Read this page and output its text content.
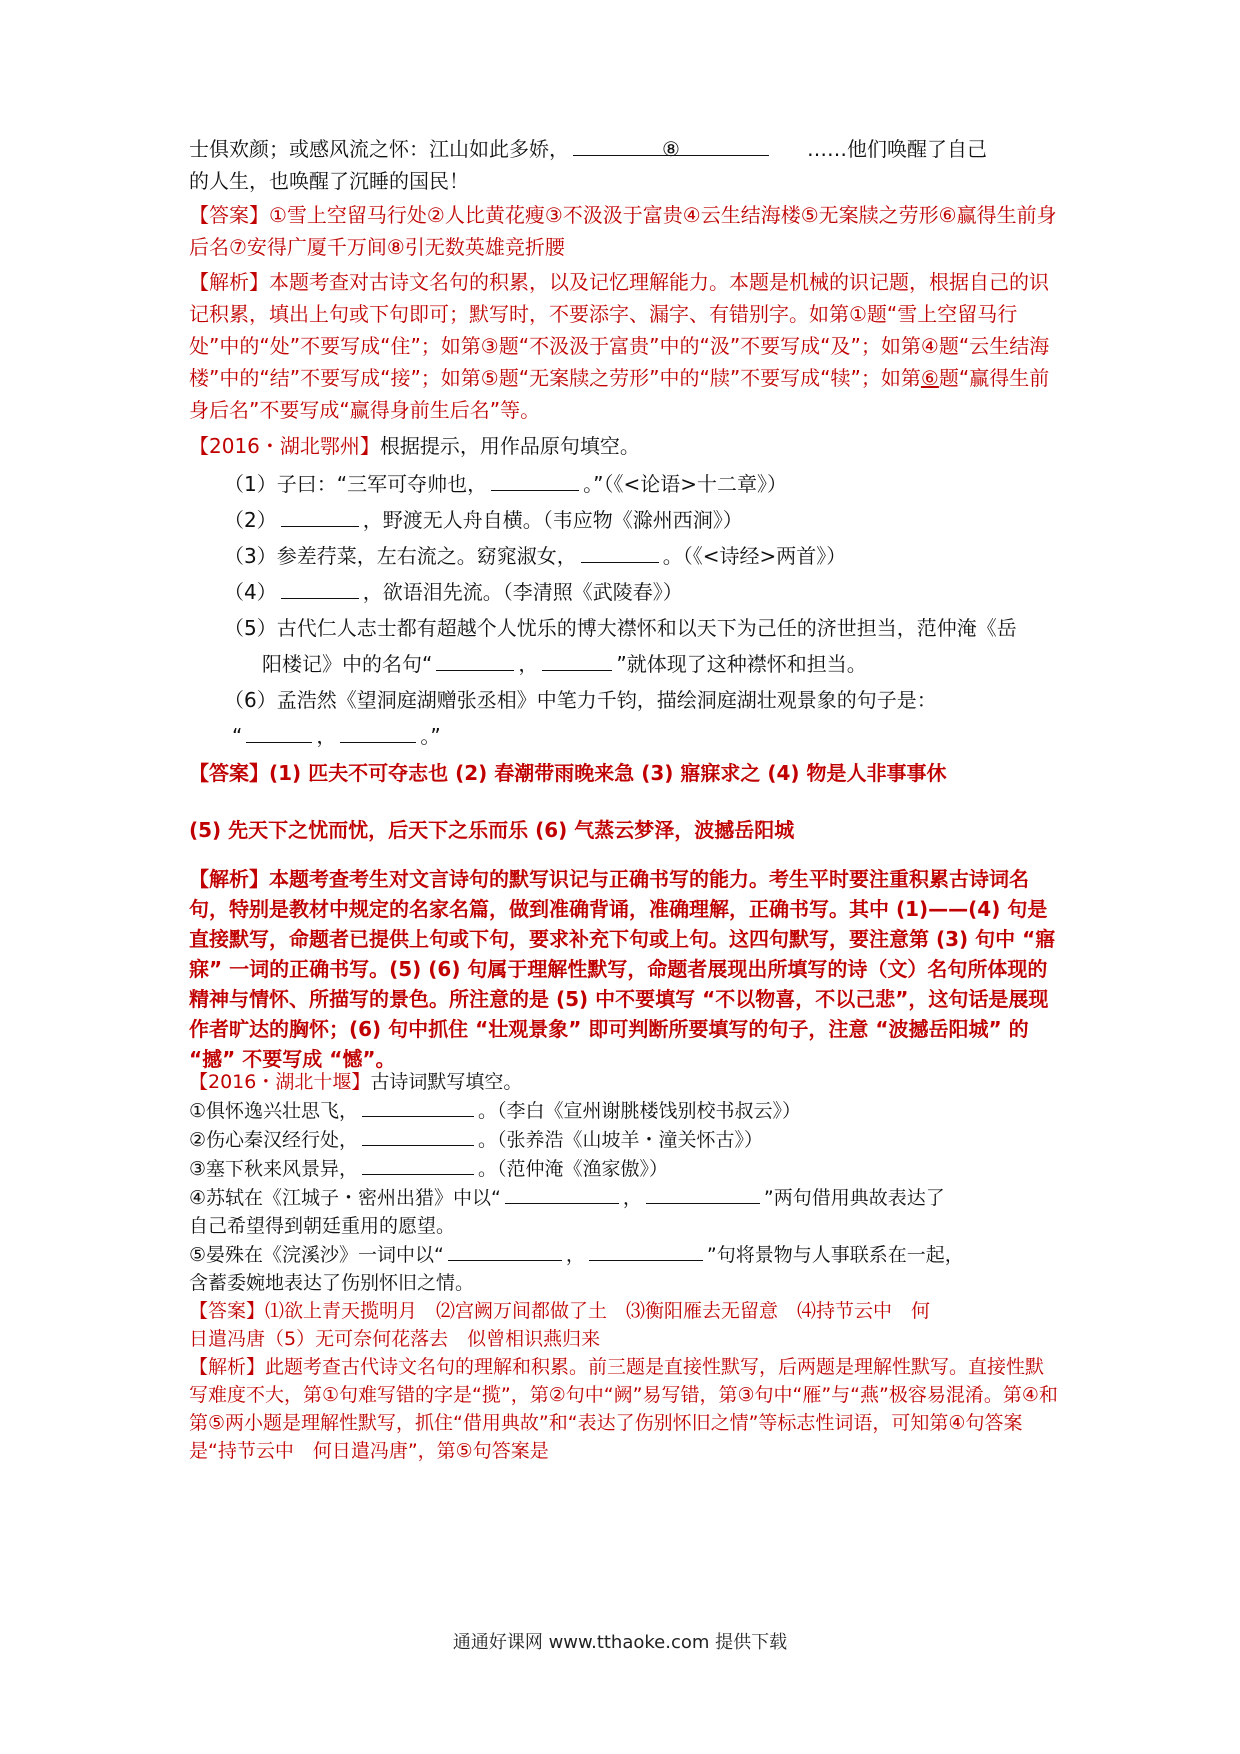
士俱欢颜；或感风流之怀：江山如此多娇，	⑧	……他们唤醒了自己

的人生，也唤醒了沉睡的国民！

【答案】①雪上空留马行处②人比黄花瘦③不汲汲于富贵④云生结海楼⑤无案牍之劳形⑥赢得生前身后名⑦安得广厦千万间⑧引无数英雄竞折腰

【解析】本题考查对古诗文名句的积累，以及记忆理解能力。本题是机械的识记题，根据自己的识记积累，填出上句或下句即可；默写时，不要添字、漏字、有错别字。如第①题“雪上空留马行处”中的“处”不要写成“住”；如第③题“不汲汲于富贵”中的“汲”不要写成“及”；如第④题“云生结海楼”中的“结”不要写成“接”；如第⑤题“无案牍之劳形”中的“牍”不要写成“犊”；如第⑥题“赢得生前身后名”不要写成“赢得身前生后名”等。

【2016・湖北鄂州】根据提示，用作品原句填空。

（1）子曰：“三军可夺帅也，	。”（《<论语>十二章》）

（2）	，野渡无人舟自横。（韦应物《滁州西涧》）

（3）参差荇菜，左右流之。窈窕淑女，	。（《<诗经>两首》）

（4）	，欲语泪先流。（李清照《武陵春》）

（5）古代仁人志士都有超越个人忧乐的博大襟怀和以天下为己任的济世担当，范仲淹《岳

阳楼记》中的名句“	，	”就体现了这种襟怀和担当。

（6）孟浩然《望洞庭湖赠张丞相》中笔力千钧，描绘洞庭湖壮观景象的句子是：

“	，	。”

【答案】(1) 匹夫不可夺志也 (2) 春潮带雨晚来急 (3) 寤寐求之 (4) 物是人非事事休

(5) 先天下之忧而忧，后天下之乐而乐 (6) 气蒸云梦泽，波撼岳阳城

【解析】本题考查考生对文言诗句的默写识记与正确书写的能力。考生平时要注重积累古诗词名句，特别是教材中规定的名家名篇，做到准确背诵，准确理解，正确书写。其中 (1)——(4) 句是直接默写，命题者已提供上句或下句，要求补充下句或上句。这四句默写，要注意第 (3) 句中 “寤寐” 一词的正确书写。(5) (6) 句属于理解性默写，命题者展现出所填写的诗（文）名句所体现的精神与情怀、所描写的景色。所注意的是 (5) 中不要填写 “不以物喜，不以己悲”，这句话是展现作者旷达的胸怀；(6) 句中抓住 “壮观景象” 即可判断所要填写的句子，注意 “波撼岳阳城” 的 “撼” 不要写成 “憾”。

【2016・湖北十堰】古诗词默写填空。

①俱怀逸兴壮思飞，	。（李白《宣州谢朓楼饯别校书叔云》）

②伤心秦汉经行处，	。（张养浩《山坡羊・潼关怀古》）

③塞下秋来风景异，	。（范仲淹《渔家傲》）

④苏轼在《江城子・密州出猎》中以“	，	”两句借用典故表达了

自己希望得到朝廷重用的愿望。

⑤晏殊在《浣溪沙》一词中以“	，	”句将景物与人事联系在一起，

含蓄委婉地表达了伤别怀旧之情。

【答案】⑴欲上青天揽明月　⑵宫阙万间都做了土　⑶衡阳雁去无留意　⑷持节云中　何

日遣冯唐（5）无可奈何花落去　似曾相识燕归来

【解析】此题考查古代诗文名句的理解和积累。前三题是直接性默写，后两题是理解性默写。直接性默写难度不大，第①句难写错的字是“揽”，第②句中“阙”易写错，第③句中“雁”与“燕”极容易混淆。第④和第⑤两小题是理解性默写，抓住“借用典故”和“表达了伤别怀旧之情”等标志性词语，可知第④句答案是“持节云中　何日遣冯唐”，第⑤句答案是

通通好课网 www.tthaoke.com 提供下载
